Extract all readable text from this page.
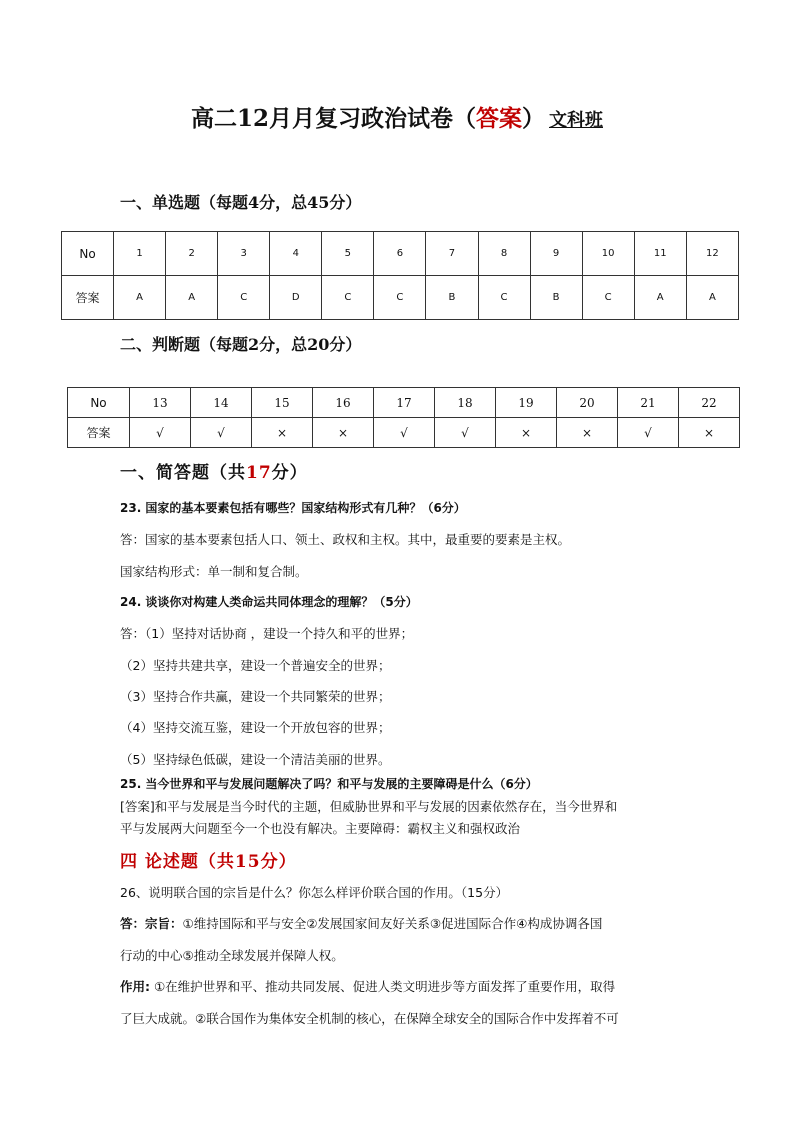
高二12月月复习政治试卷（答案） 文科班
一、单选题（每题4分，总45分）
No	1	2	3	4	5	6	7	8	9	10	11	12
答案	A	A	C	D	C	C	B	C	B	C	A	A
二、判断题（每题2分，总20分）
No	13	14	15	16	17	18	19	20	21	22
答案	√	√	×	×	√	√	×	×	√	×
一、简答题（共17分）
23. 国家的基本要素包括有哪些？国家结构形式有几种？（6分）
答：国家的基本要素包括人口、领土、政权和主权。其中，最重要的要素是主权。
国家结构形式：单一制和复合制。
24. 谈谈你对构建人类命运共同体理念的理解？（5分）
答：（1）坚持对话协商 ，建设一个持久和平的世界；
（2）坚持共建共享，建设一个普遍安全的世界；
（3）坚持合作共赢，建设一个共同繁荣的世界；
（4）坚持交流互鉴，建设一个开放包容的世界；
（5）坚持绿色低碳，建设一个清洁美丽的世界。
25. 当今世界和平与发展问题解决了吗？和平与发展的主要障碍是什么（6分）
[答案]和平与发展是当今时代的主题，但威胁世界和平与发展的因素依然存在，当今世界和
平与发展两大问题至今一个也没有解决。主要障碍：霸权主义和强权政治
四 论述题（共15分）
26、说明联合国的宗旨是什么？你怎么样评价联合国的作用。（15分）
答：宗旨：①维持国际和平与安全②发展国家间友好关系③促进国际合作④构成协调各国
行动的中心⑤推动全球发展并保障人权。
作用: ①在维护世界和平、推动共同发展、促进人类文明进步等方面发挥了重要作用，取得
了巨大成就。②联合国作为集体安全机制的核心，在保障全球安全的国际合作中发挥着不可
